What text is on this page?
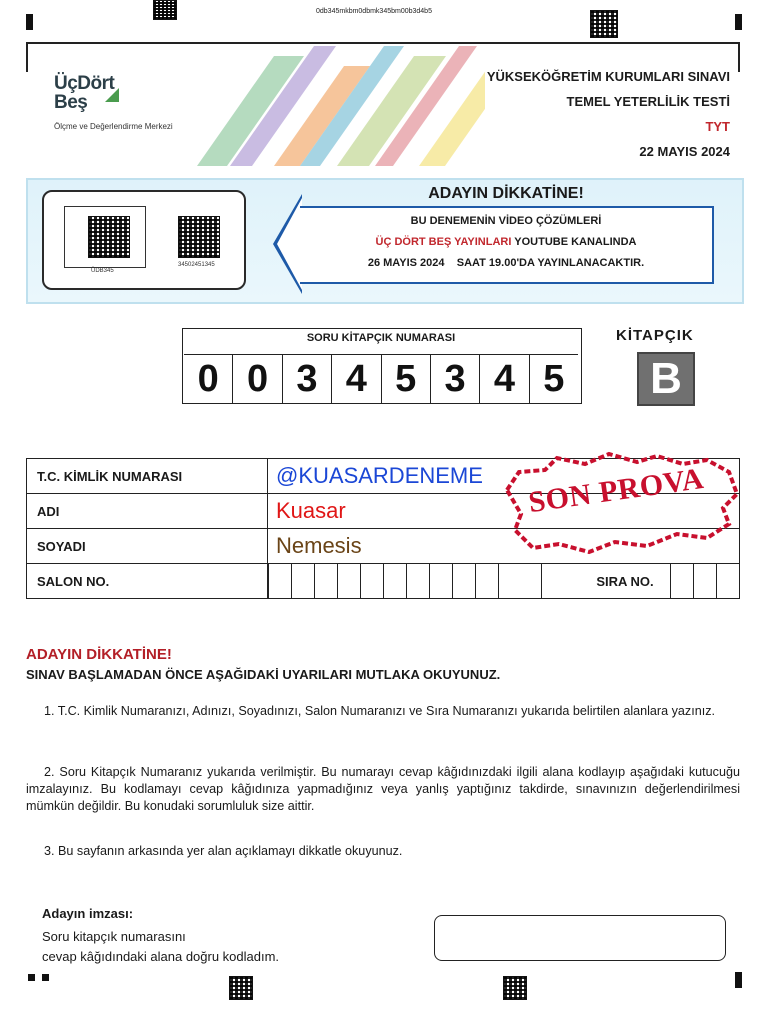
0db345mkbm0dbmk345bm00b3d4b5
ÜçDört
Beş
Ölçme ve Değerlendirme Merkezi
YÜKSEKÖĞRETİM KURUMLARI SINAVI
TEMEL YETERLİLİK TESTİ
TYT
22 MAYIS 2024
ÜDB345
34502451345
ADAYIN DİKKATİNE!
BU DENEMENİN VİDEO ÇÖZÜMLERİ
ÜÇ DÖRT BEŞ YAYINLARI YOUTUBE KANALINDA
26 MAYIS 2024 SAAT 19.00'DA YAYINLANACAKTIR.
SORU KİTAPÇIK NUMARASI
0 0 3 4 5 3 4 5
KİTAPÇIK
B
T.C. KİMLİK NUMARASI	@KUASARDENEME
ADI	Kuasar
SOYADI	Nemesis
SALON NO.	SIRA NO.
SON PROVA
ADAYIN DİKKATİNE!
SINAV BAŞLAMADAN ÖNCE AŞAĞIDAKİ UYARILARI MUTLAKA OKUYUNUZ.
1. T.C. Kimlik Numaranızı, Adınızı, Soyadınızı, Salon Numaranızı ve Sıra Numaranızı yukarıda belirtilen alanlara yazınız.
2. Soru Kitapçık Numaranız yukarıda verilmiştir. Bu numarayı cevap kâğıdınızdaki ilgili alana kodlayıp aşağıdaki kutucuğu imzalayınız. Bu kodlamayı cevap kâğıdınıza yapmadığınız veya yanlış yaptığınız takdirde, sınavınızın değerlendirilmesi mümkün değildir. Bu konudaki sorumluluk size aittir.
3. Bu sayfanın arkasında yer alan açıklamayı dikkatle okuyunuz.
Adayın imzası:
Soru kitapçık numarasını
cevap kâğıdındaki alana doğru kodladım.
